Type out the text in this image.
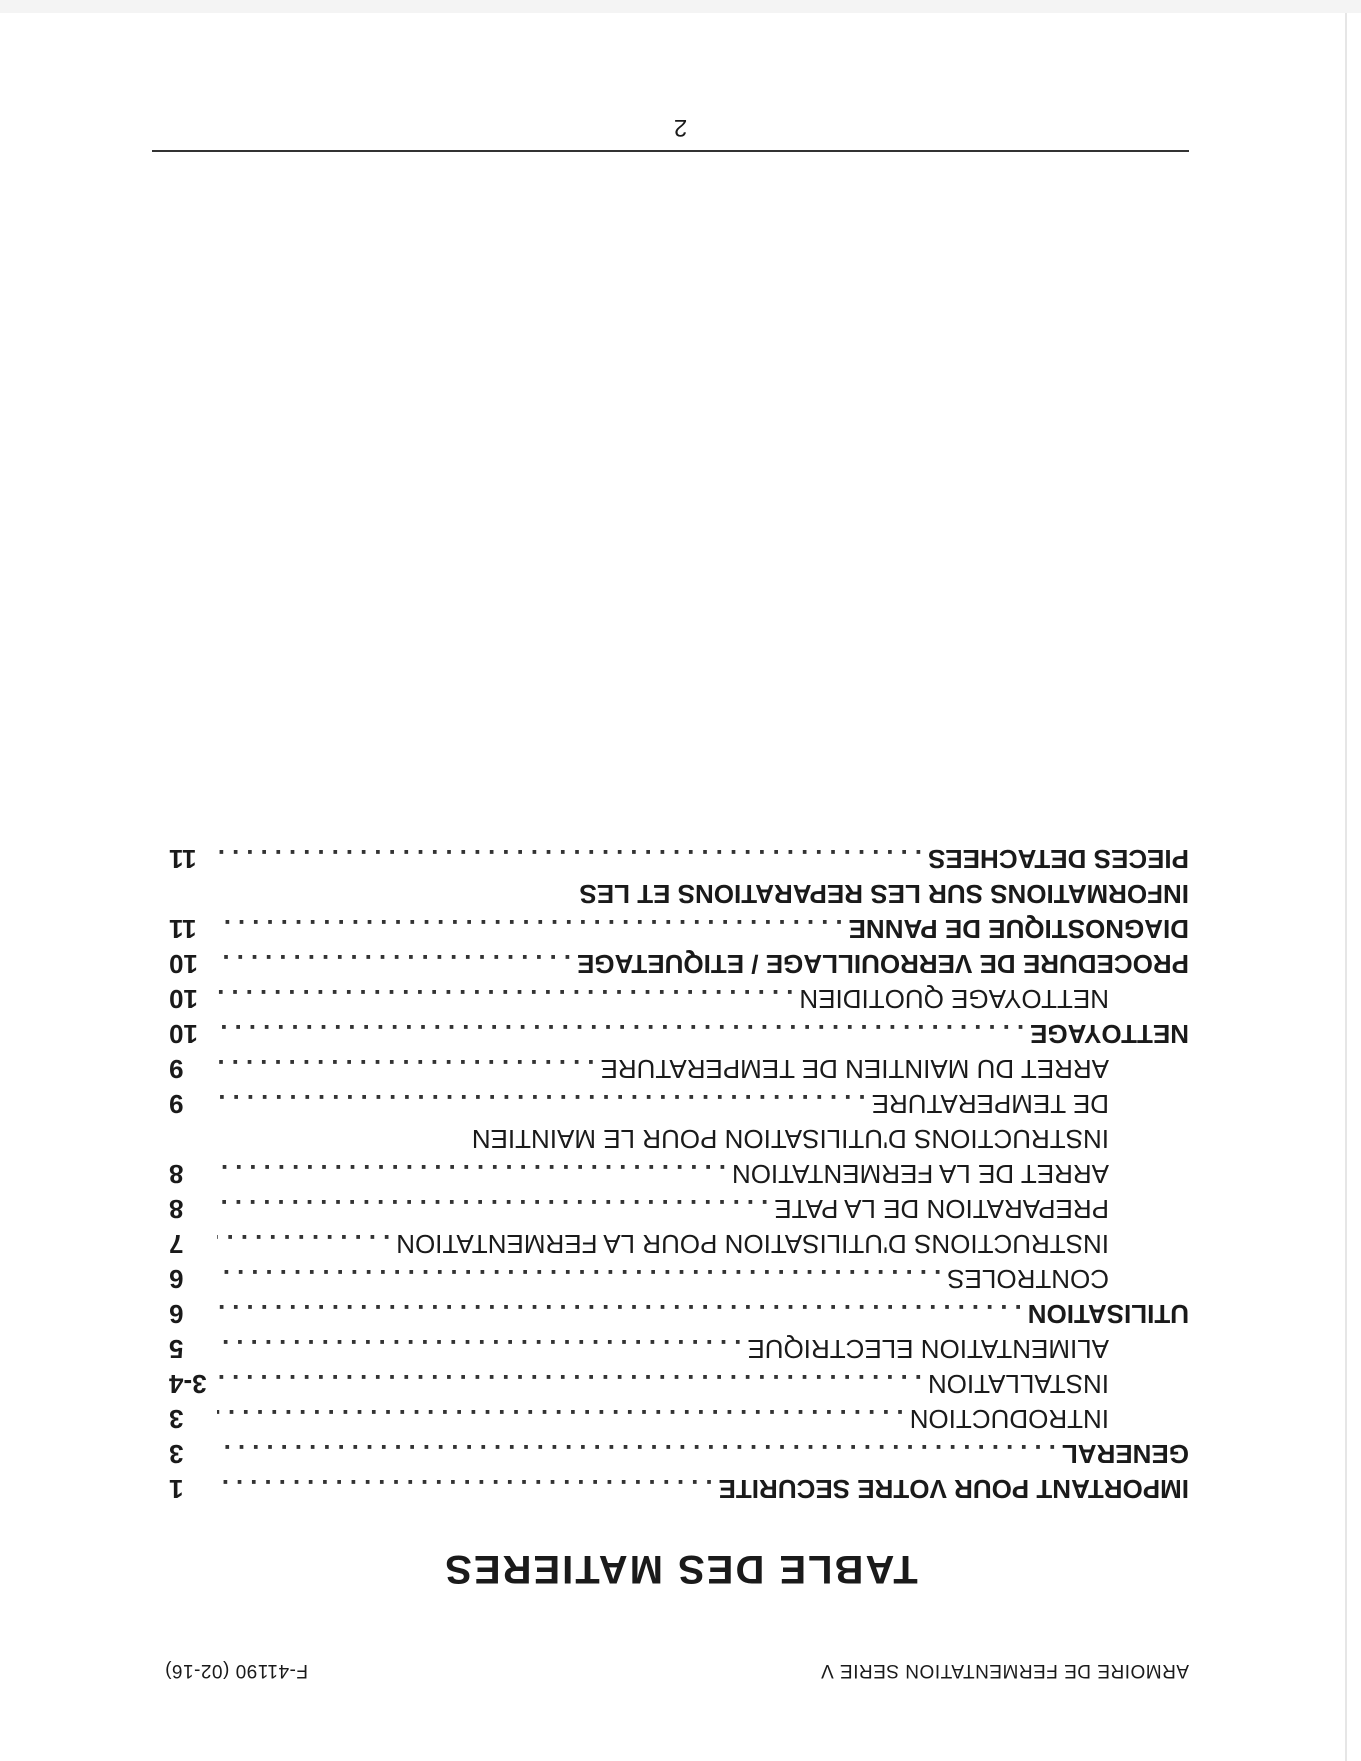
ARMOIRE DE FERMENTATION SERIE V
F-41190 (02-16)
TABLE DES MATIERES
IMPORTANT POUR VOTRE SECURITE
.....
1
GENERAL
.....
3
INTRODUCTION
.....
3
INSTALLATION
.....
3-4
ALIMENTATION ELECTRIQUE
.....
5
UTILISATION
.....
6
CONTROLES
.....
6
INSTRUCTIONS D'UTILISATION POUR LA FERMENTATION
.....
7
PREPARATION DE LA PATE
.....
8
ARRET DE LA FERMENTATION
.....
8
INSTRUCTIONS D'UTILISATION POUR LE MAINTIEN
DE TEMPERATURE
.....
9
ARRET DU MAINTIEN DE TEMPERATURE
.....
9
NETTOYAGE
.....
10
NETTOYAGE QUOTIDIEN
.....
10
PROCEDURE DE VERROUILLAGE / ETIQUETAGE
.....
10
DIAGNOSTIQUE DE PANNE
.....
11
INFORMATIONS SUR LES REPARATIONS ET LES
PIECES DETACHEES
.....
11
2
